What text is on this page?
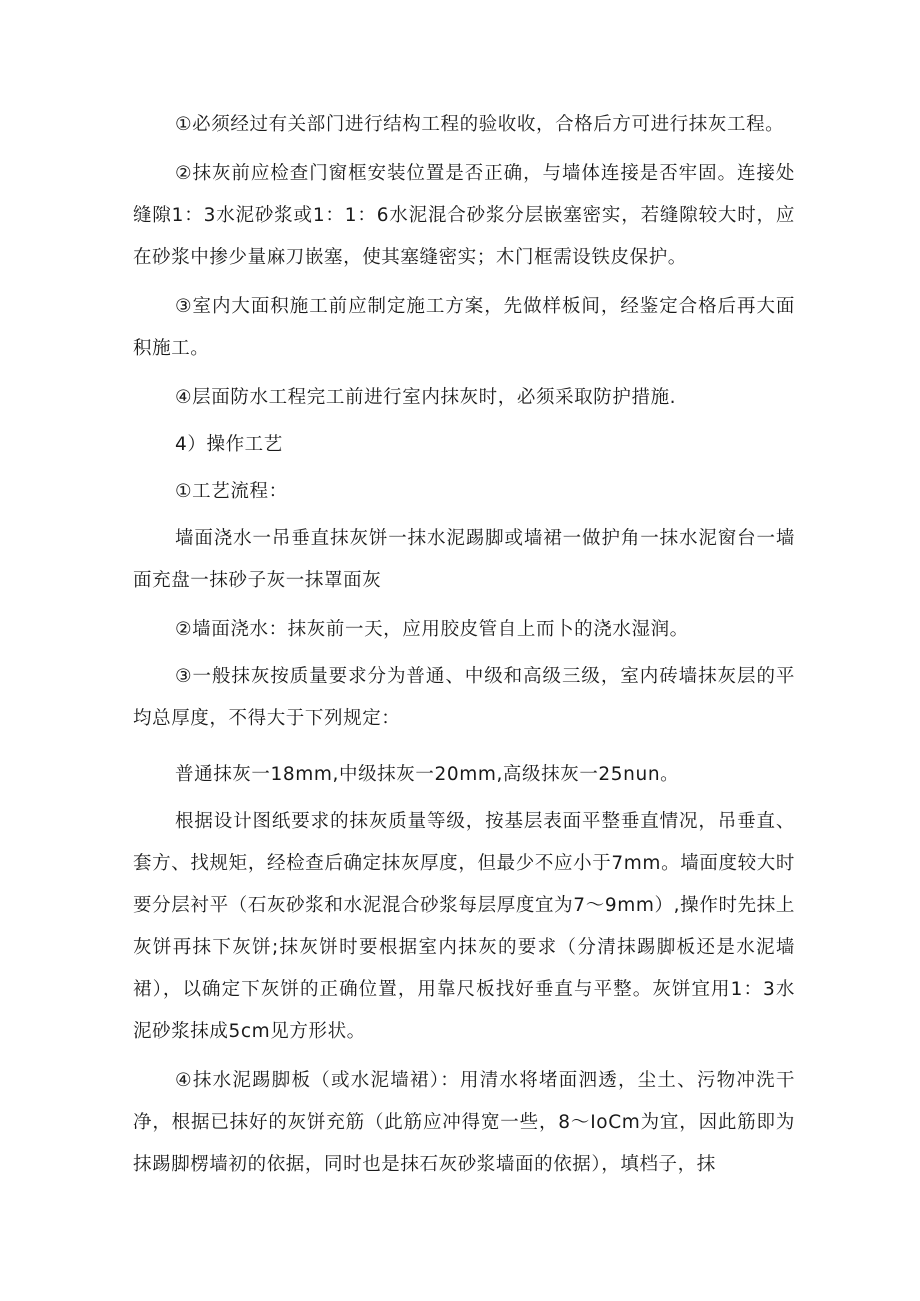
①必须经过有关部门进行结构工程的验收收，合格后方可进行抹灰工程。

②抹灰前应检查门窗框安装位置是否正确，与墙体连接是否牢固。连接处缝隙1：3水泥砂浆或1：1：6水泥混合砂浆分层嵌塞密实，若缝隙较大时，应在砂浆中掺少量麻刀嵌塞，使其塞缝密实；木门框需设铁皮保护。

③室内大面积施工前应制定施工方案，先做样板间，经鉴定合格后再大面积施工。

④层面防水工程完工前进行室内抹灰时，必须采取防护措施.

4）操作工艺

①工艺流程：

墙面浇水一吊垂直抹灰饼一抹水泥踢脚或墙裙一做护角一抹水泥窗台一墙面充盘一抹砂子灰一抹罩面灰

②墙面浇水：抹灰前一天，应用胶皮管自上而卜的浇水湿润。

③一般抹灰按质量要求分为普通、中级和高级三级，室内砖墙抹灰层的平均总厚度，不得大于下列规定：

普通抹灰一18mm,中级抹灰一20mm,高级抹灰一25nun。

根据设计图纸要求的抹灰质量等级，按基层表面平整垂直情况，吊垂直、套方、找规矩，经检查后确定抹灰厚度，但最少不应小于7mm。墙面度较大时要分层衬平（石灰砂浆和水泥混合砂浆每层厚度宜为7〜9mm）,操作时先抹上灰饼再抹下灰饼;抹灰饼时要根据室内抹灰的要求（分清抹踢脚板还是水泥墙裙），以确定下灰饼的正确位置，用靠尺板找好垂直与平整。灰饼宜用1：3水泥砂浆抹成5cm见方形状。

④抹水泥踢脚板（或水泥墙裙）：用清水将堵面泗透，尘土、污物冲洗干净，根据已抹好的灰饼充筋（此筋应冲得宽一些，8〜IoCm为宜，因此筋即为抹踢脚楞墙初的依据，同时也是抹石灰砂浆墙面的依据），填档子，抹
